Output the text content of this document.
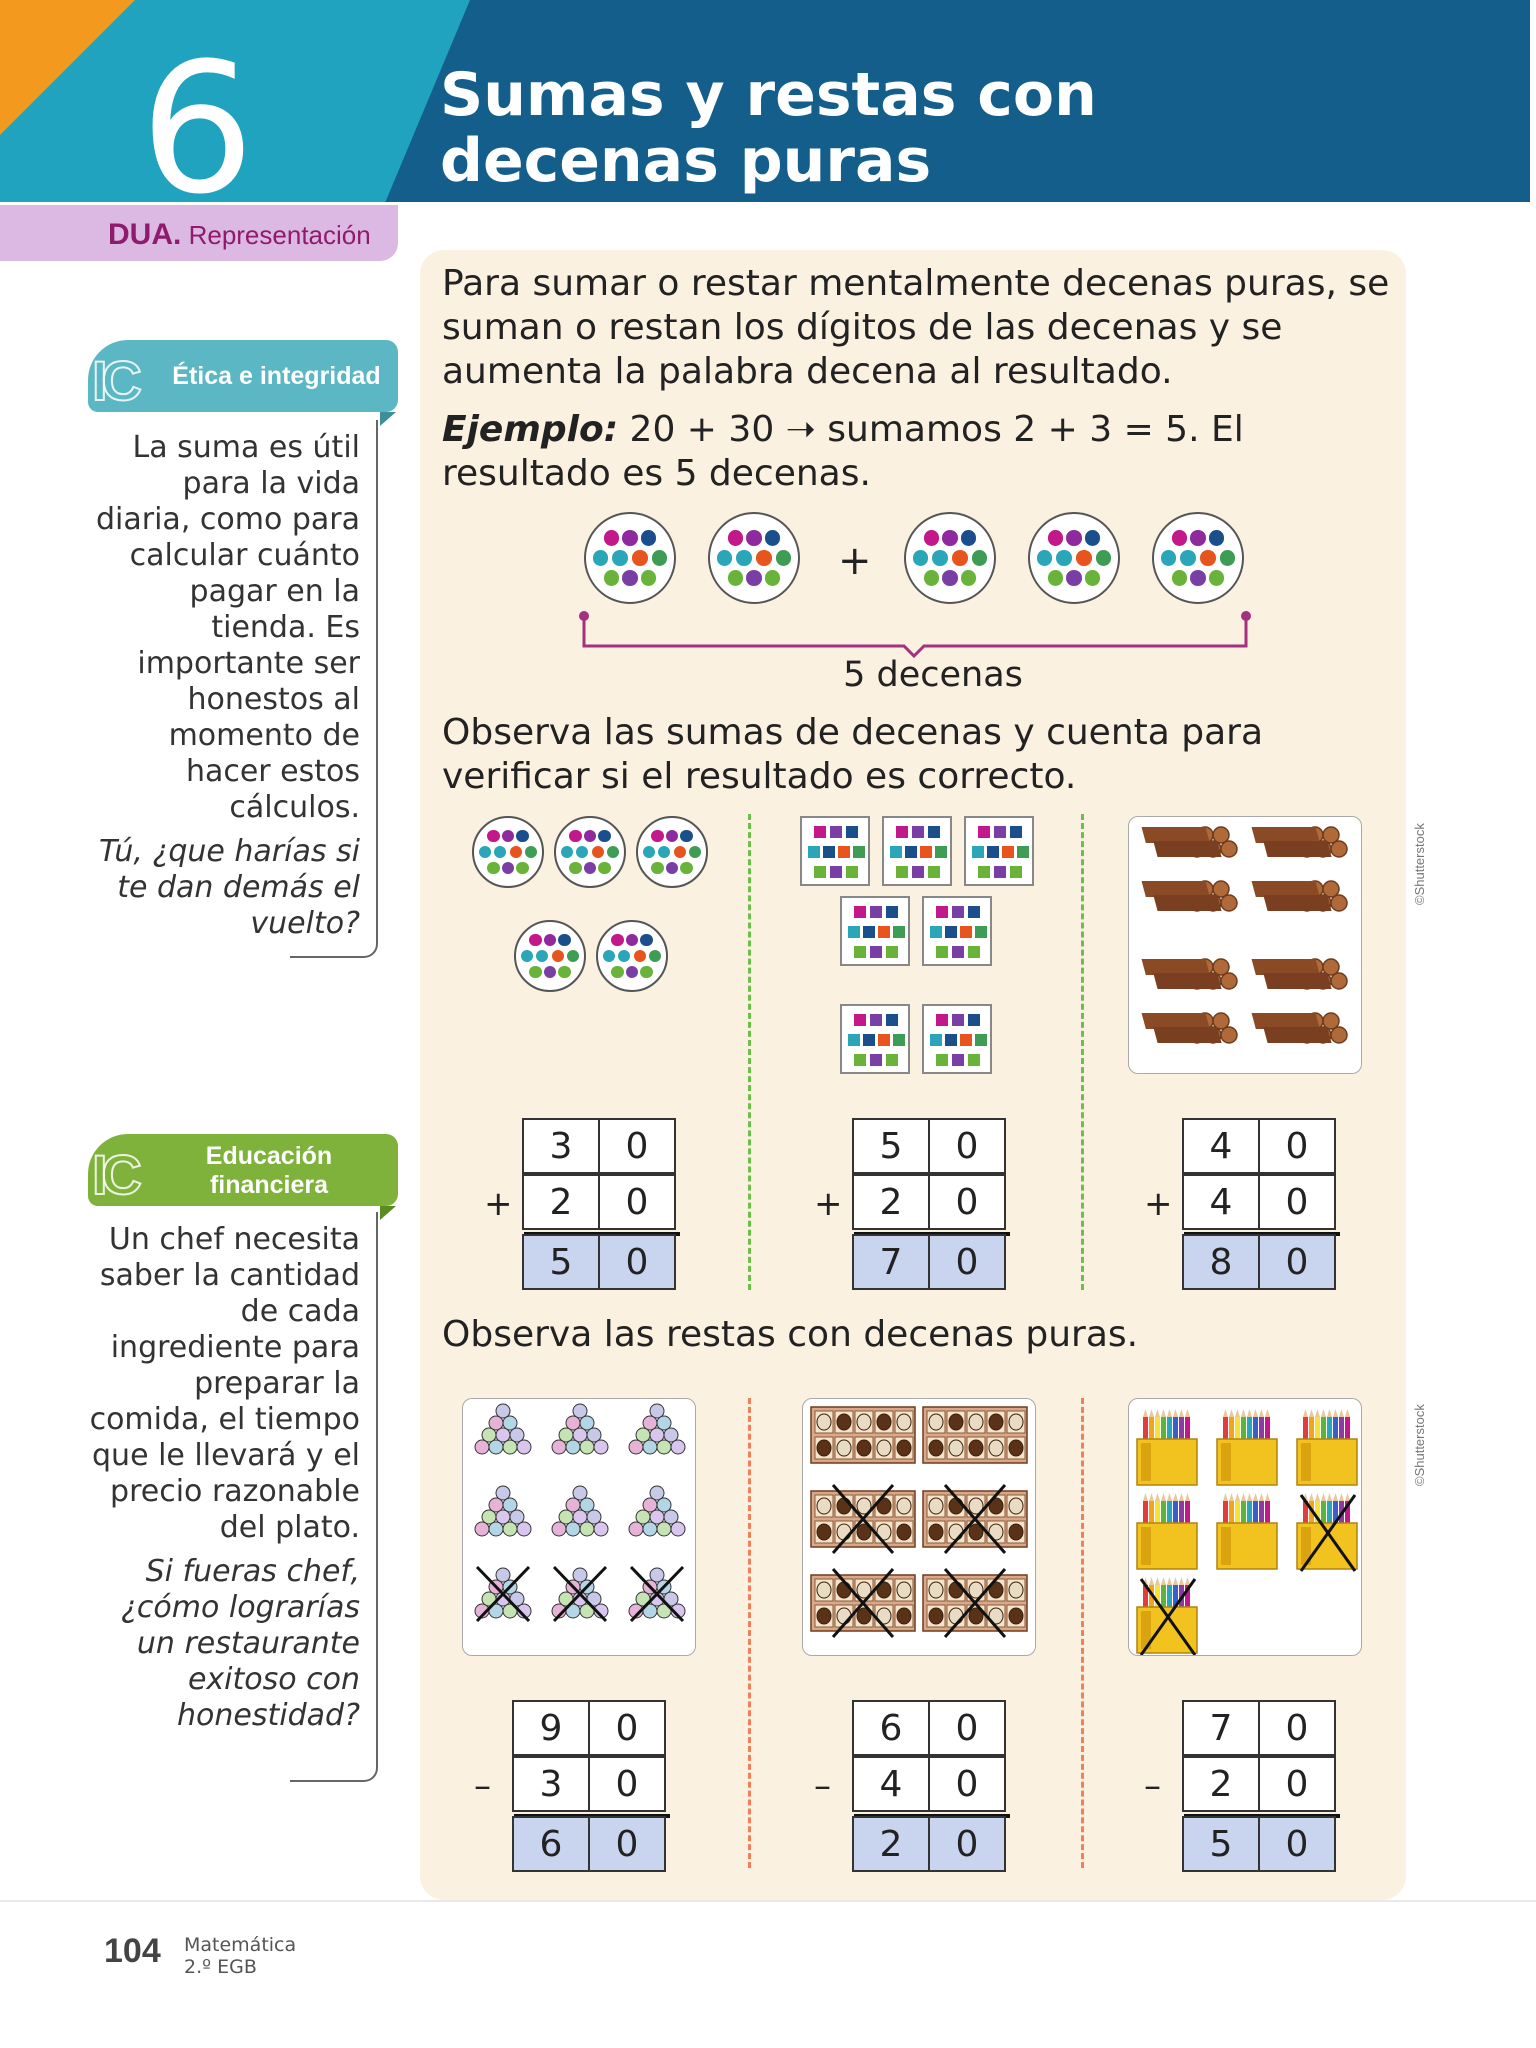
6	Sumas y restas con decenas puras
DUA. Representación
IC	Ética e integridad
La suma es útil para la vida diaria, como para calcular cuánto pagar en la tienda. Es importante ser honestos al momento de hacer estos cálculos.
Tú, ¿que harías si te dan demás el vuelto?
IC	Educación
financiera
Un chef necesita saber la cantidad de cada ingrediente para preparar la comida, el tiempo que le llevará y el precio razonable del plato.
Si fueras chef, ¿cómo lograrías un restaurante exitoso con honestidad?
Para sumar o restar mentalmente decenas puras, se suman o restan los dígitos de las decenas y se aumenta la palabra decena al resultado.
Ejemplo: 20 + 30 ➝ sumamos 2 + 3 = 5. El resultado es 5 decenas.
+
5 decenas
Observa las sumas de decenas y cuenta para verificar si el resultado es correcto.
+
3	0
2	0
5	0
+
5	0
2	0
7	0
+
4	0
4	0
8	0
Observa las restas con decenas puras.
–
9	0
3	0
6	0
–
6	0
4	0
2	0
–
7	0
2	0
5	0
©Shutterstock
©Shutterstock
104 Matemática
2.º EGB
